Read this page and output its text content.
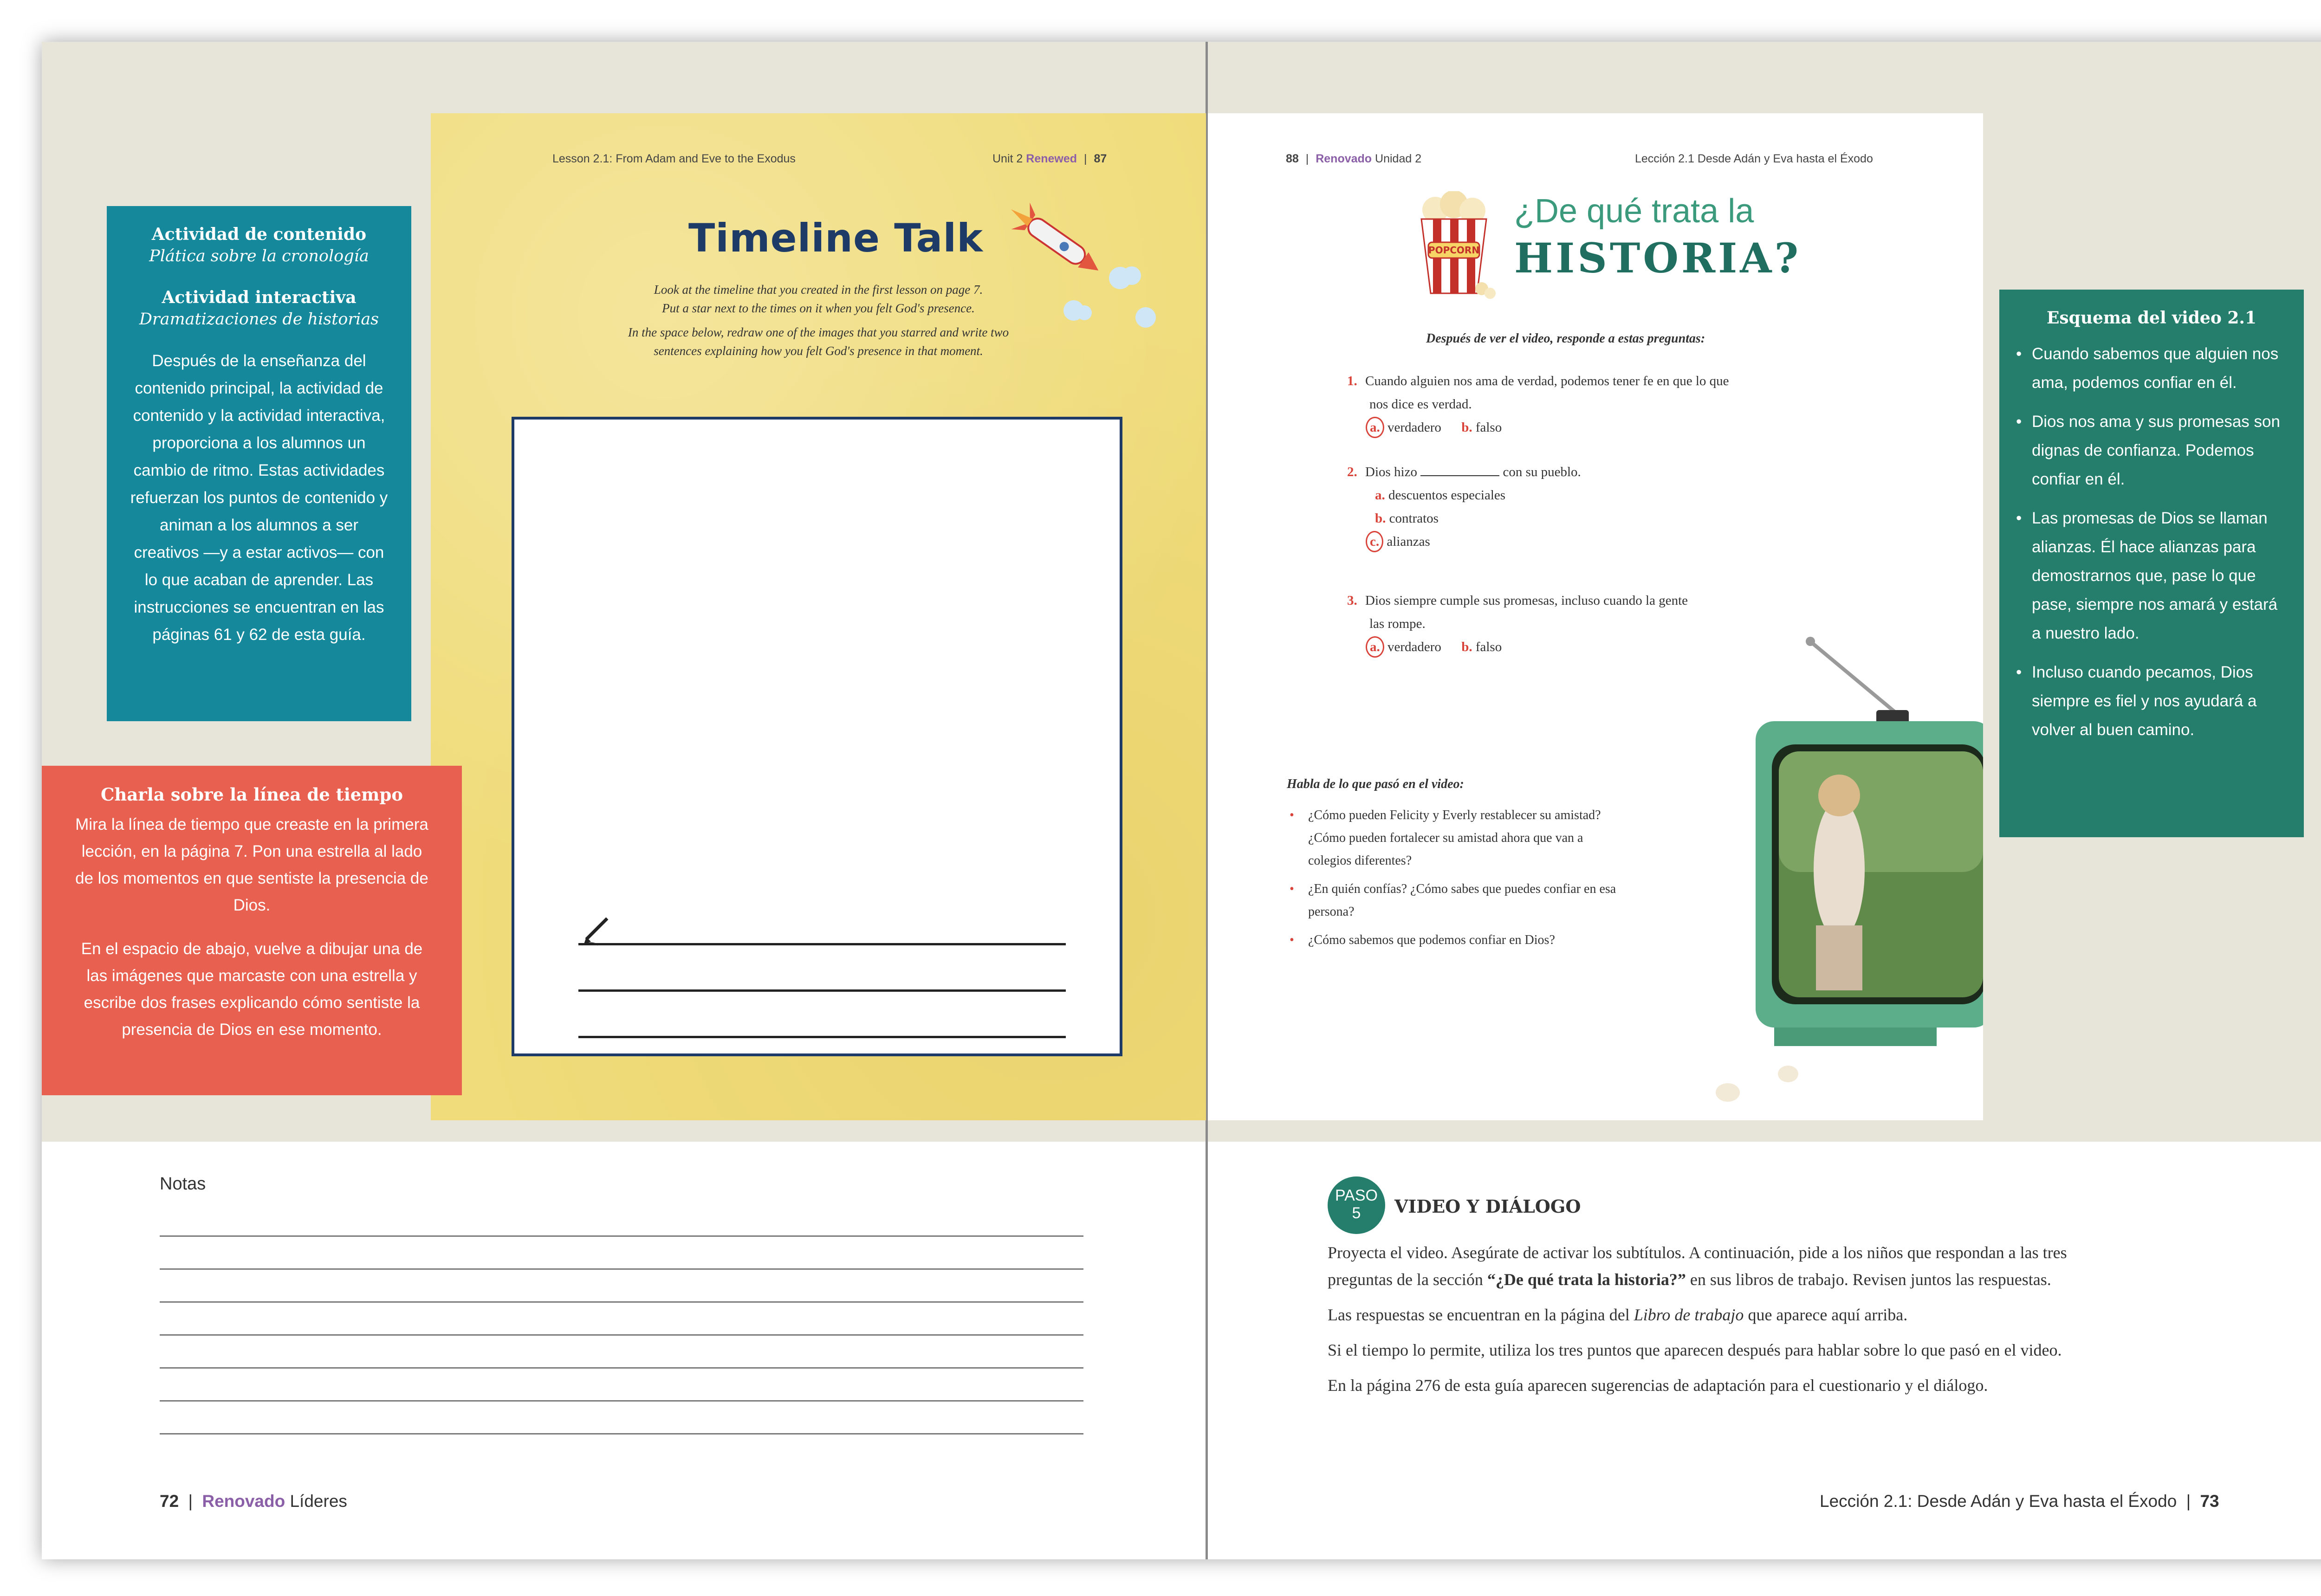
Lesson 2.1: From Adam and Eve to the Exodus	Unit 2 Renewed | 87
Timeline Talk
Look at the timeline that you created in the first lesson on page 7.
Put a star next to the times on it when you felt God's presence.
In the space below, redraw one of the images that you starred and write two
sentences explaining how you felt God's presence in that moment.
Actividad de contenido
Plática sobre la cronología
Actividad interactiva
Dramatizaciones de historias
Después de la enseñanza del contenido principal, la actividad de contenido y la actividad interactiva, proporciona a los alumnos un cambio de ritmo. Estas actividades refuerzan los puntos de contenido y animan a los alumnos a ser creativos —y a estar activos— con lo que acaban de aprender. Las instrucciones se encuentran en las páginas 61 y 62 de esta guía.
Charla sobre la línea de tiempo
Mira la línea de tiempo que creaste en la primera lección, en la página 7. Pon una estrella al lado de los momentos en que sentiste la presencia de Dios.
En el espacio de abajo, vuelve a dibujar una de las imágenes que marcaste con una estrella y escribe dos frases explicando cómo sentiste la presencia de Dios en ese momento.
88 | Renovado Unidad 2	Lección 2.1 Desde Adán y Eva hasta el Éxodo
POPCORN
¿De qué trata la
HISTORIA?
Después de ver el video, responde a estas preguntas:
1. Cuando alguien nos ama de verdad, podemos tener fe en que lo que
nos dice es verdad.
a. verdadero b. falso
2. Dios hizo	con su pueblo.
a. descuentos especiales
b. contratos
c. alianzas
3. Dios siempre cumple sus promesas, incluso cuando la gente
las rompe.
a. verdadero b. falso
Habla de lo que pasó en el video:
• ¿Cómo pueden Felicity y Everly restablecer su amistad? ¿Cómo pueden fortalecer su amistad ahora que van a colegios diferentes?
• ¿En quién confías? ¿Cómo sabes que puedes confiar en esa persona?
• ¿Cómo sabemos que podemos confiar en Dios?
Esquema del video 2.1
• Cuando sabemos que alguien nos ama, podemos confiar en él.
• Dios nos ama y sus promesas son dignas de confianza. Podemos confiar en él.
• Las promesas de Dios se llaman alianzas. Él hace alianzas para demostrarnos que, pase lo que pase, siempre nos amará y estará a nuestro lado.
• Incluso cuando pecamos, Dios siempre es fiel y nos ayudará a volver al buen camino.
Notas
72 | Renovado Líderes
PASO
5	VIDEO Y DIÁLOGO
Proyecta el video. Asegúrate de activar los subtítulos. A continuación, pide a los niños que respondan a las tres
preguntas de la sección “¿De qué trata la historia?” en sus libros de trabajo. Revisen juntos las respuestas.
Las respuestas se encuentran en la página del Libro de trabajo que aparece aquí arriba.
Si el tiempo lo permite, utiliza los tres puntos que aparecen después para hablar sobre lo que pasó en el video.
En la página 276 de esta guía aparecen sugerencias de adaptación para el cuestionario y el diálogo.
Lección 2.1: Desde Adán y Eva hasta el Éxodo | 73
